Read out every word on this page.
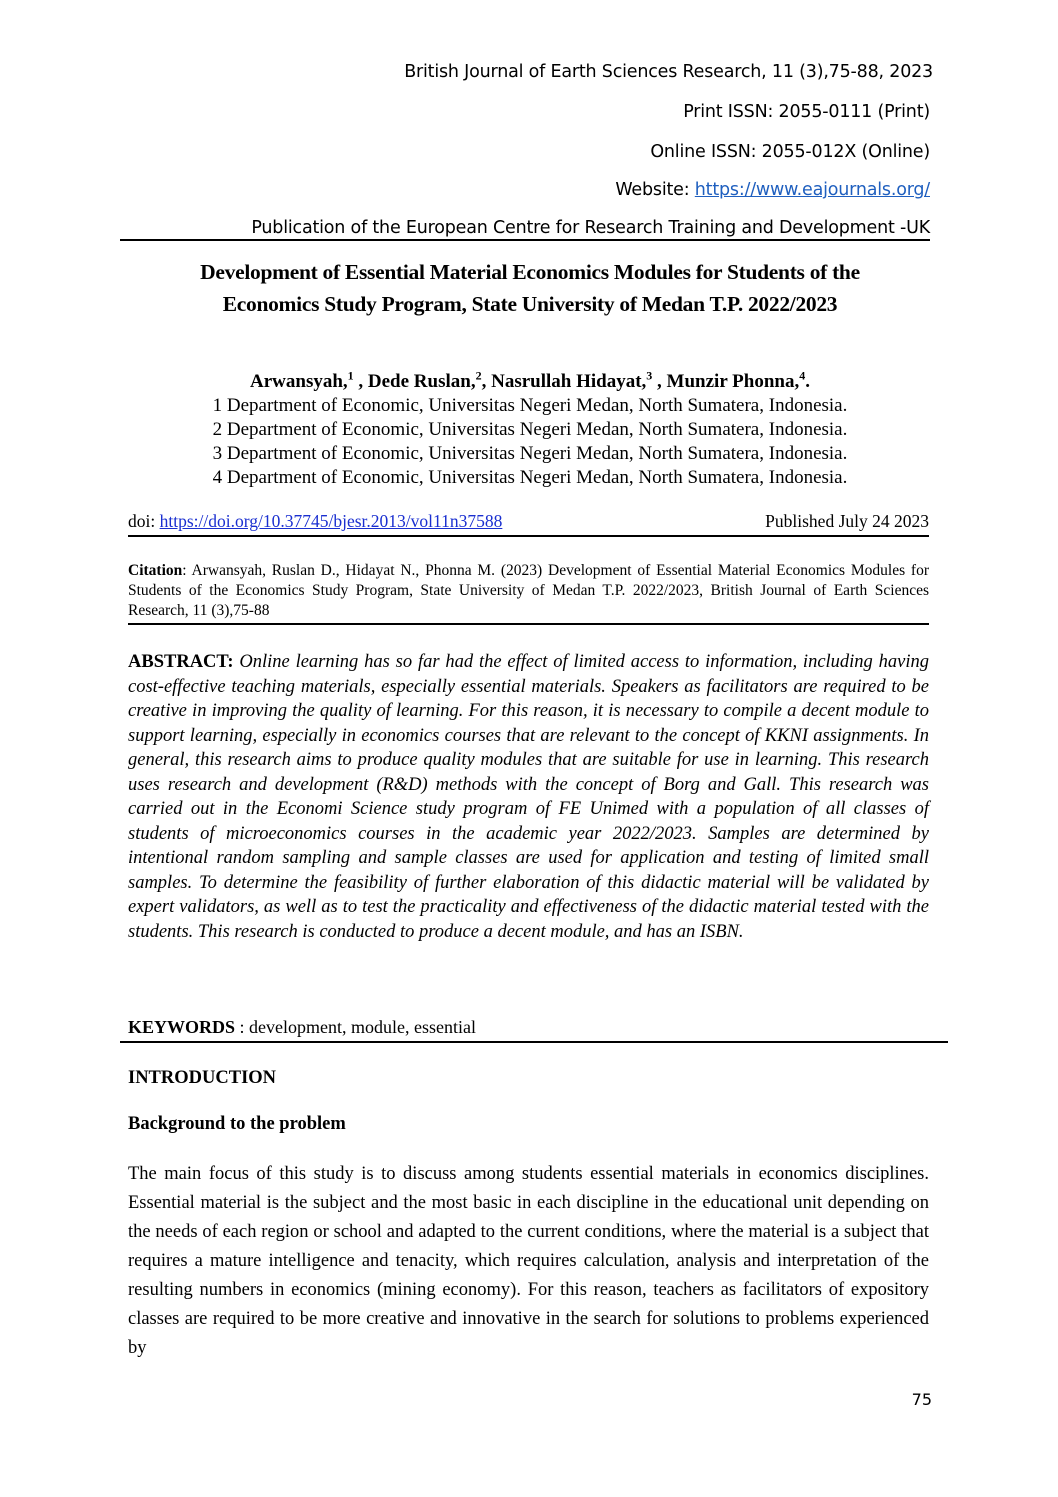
British Journal of Earth Sciences Research, 11 (3),75-88, 2023
Print ISSN: 2055-0111 (Print)
Online ISSN: 2055-012X (Online)
Website: https://www.eajournals.org/
Publication of the European Centre for Research Training and Development -UK
Development of Essential Material Economics Modules for Students of the
Economics Study Program, State University of Medan T.P. 2022/2023
Arwansyah,$^1$ , Dede Ruslan,$^2$, Nasrullah Hidayat,$^3$ , Munzir Phonna,$^4$.
1 Department of Economic, Universitas Negeri Medan, North Sumatera, Indonesia.
2 Department of Economic, Universitas Negeri Medan, North Sumatera, Indonesia.
3 Department of Economic, Universitas Negeri Medan, North Sumatera, Indonesia.
4 Department of Economic, Universitas Negeri Medan, North Sumatera, Indonesia.
doi: https://doi.org/10.37745/bjesr.2013/vol11n37588	Published July 24 2023
Citation: Arwansyah, Ruslan D., Hidayat N., Phonna M. (2023) Development of Essential Material Economics Modules for Students of the Economics Study Program, State University of Medan T.P. 2022/2023, British Journal of Earth Sciences Research, 11 (3),75-88
ABSTRACT: Online learning has so far had the effect of limited access to information, including having cost-effective teaching materials, especially essential materials. Speakers as facilitators are required to be creative in improving the quality of learning. For this reason, it is necessary to compile a decent module to support learning, especially in economics courses that are relevant to the concept of KKNI assignments. In general, this research aims to produce quality modules that are suitable for use in learning. This research uses research and development (R&D) methods with the concept of Borg and Gall. This research was carried out in the Economi Science study program of FE Unimed with a population of all classes of students of microeconomics courses in the academic year 2022/2023. Samples are determined by intentional random sampling and sample classes are used for application and testing of limited small samples. To determine the feasibility of further elaboration of this didactic material will be validated by expert validators, as well as to test the practicality and effectiveness of the didactic material tested with the students. This research is conducted to produce a decent module, and has an ISBN.
KEYWORDS : development, module, essential
INTRODUCTION
Background to the problem
The main focus of this study is to discuss among students essential materials in economics disciplines. Essential material is the subject and the most basic in each discipline in the educational unit depending on the needs of each region or school and adapted to the current conditions, where the material is a subject that requires a mature intelligence and tenacity, which requires calculation, analysis and interpretation of the resulting numbers in economics (mining economy). For this reason, teachers as facilitators of expository classes are required to be more creative and innovative in the search for solutions to problems experienced by
75
